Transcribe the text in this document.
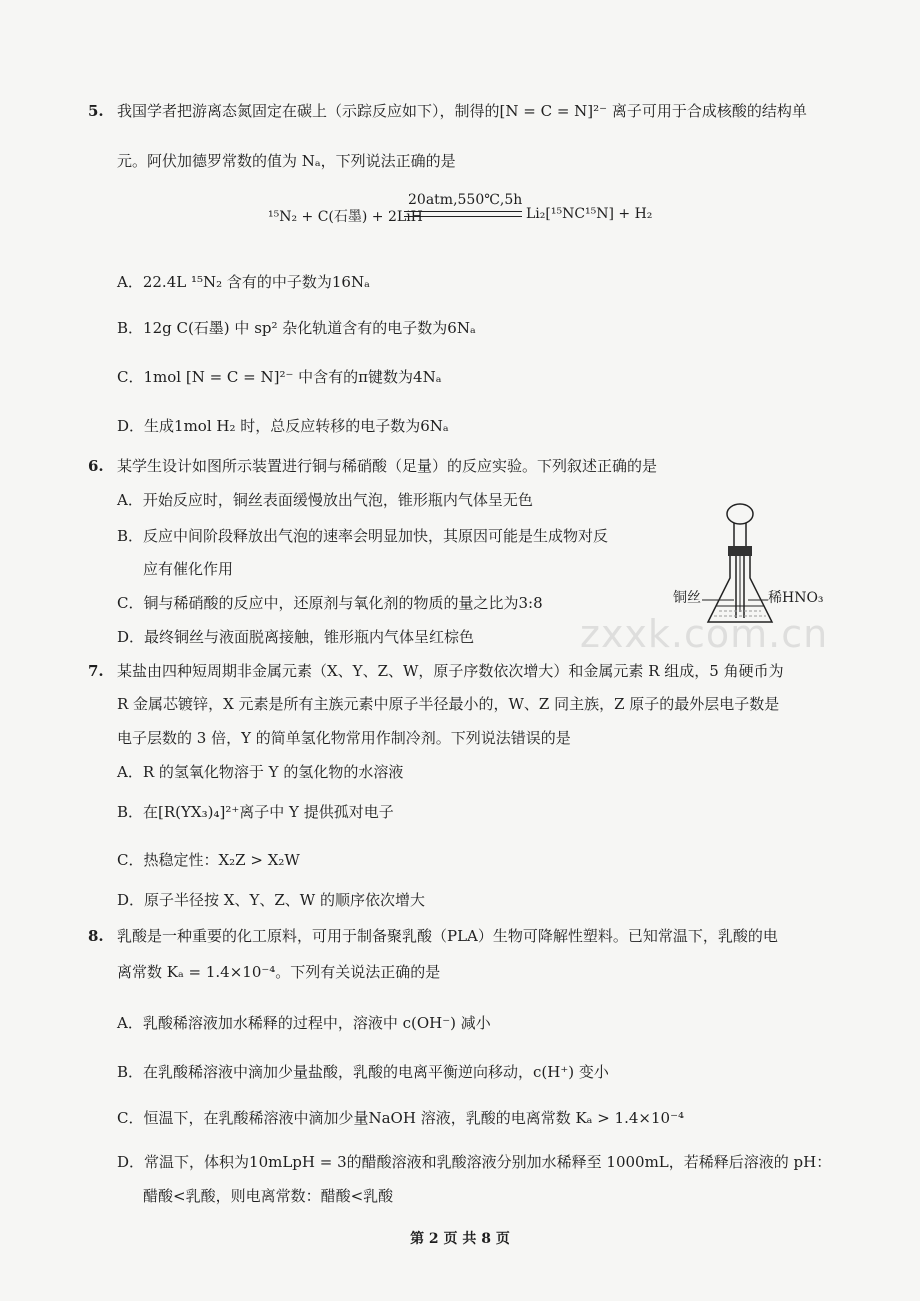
5. 我国学者把游离态氮固定在碳上（示踪反应如下），制得的[N = C = N]²⁻ 离子可用于合成核酸的结构单
元。阿伏加德罗常数的值为 Nₐ，下列说法正确的是
20atm,550℃,5h
¹⁵N₂ + C(石墨) + 2LiH	Li₂[¹⁵NC¹⁵N] + H₂
A．22.4L ¹⁵N₂ 含有的中子数为16Nₐ
B．12g C(石墨) 中 sp² 杂化轨道含有的电子数为6Nₐ
C．1mol [N = C = N]²⁻ 中含有的π键数为4Nₐ
D．生成1mol H₂ 时，总反应转移的电子数为6Nₐ
6. 某学生设计如图所示装置进行铜与稀硝酸（足量）的反应实验。下列叙述正确的是
A．开始反应时，铜丝表面缓慢放出气泡，锥形瓶内气体呈无色
B．反应中间阶段释放出气泡的速率会明显加快，其原因可能是生成物对反
应有催化作用
C．铜与稀硝酸的反应中，还原剂与氧化剂的物质的量之比为3:8
D．最终铜丝与液面脱离接触，锥形瓶内气体呈红棕色
铜丝	稀HNO₃
zxxk.com.cn
7. 某盐由四种短周期非金属元素（X、Y、Z、W，原子序数依次增大）和金属元素 R 组成，5 角硬币为
R 金属芯镀锌，X 元素是所有主族元素中原子半径最小的，W、Z 同主族，Z 原子的最外层电子数是
电子层数的 3 倍，Y 的简单氢化物常用作制冷剂。下列说法错误的是
A．R 的氢氧化物溶于 Y 的氢化物的水溶液
B．在[R(YX₃)₄]²⁺离子中 Y 提供孤对电子
C．热稳定性：X₂Z > X₂W
D．原子半径按 X、Y、Z、W 的顺序依次增大
8. 乳酸是一种重要的化工原料，可用于制备聚乳酸（PLA）生物可降解性塑料。已知常温下，乳酸的电
离常数 Kₐ = 1.4×10⁻⁴。下列有关说法正确的是
A．乳酸稀溶液加水稀释的过程中，溶液中 c(OH⁻) 减小
B．在乳酸稀溶液中滴加少量盐酸，乳酸的电离平衡逆向移动，c(H⁺) 变小
C．恒温下，在乳酸稀溶液中滴加少量NaOH 溶液，乳酸的电离常数 Kₐ > 1.4×10⁻⁴
D．常温下，体积为10mLpH = 3的醋酸溶液和乳酸溶液分别加水稀释至 1000mL，若稀释后溶液的 pH：
醋酸<乳酸，则电离常数：醋酸<乳酸
第 2 页 共 8 页
